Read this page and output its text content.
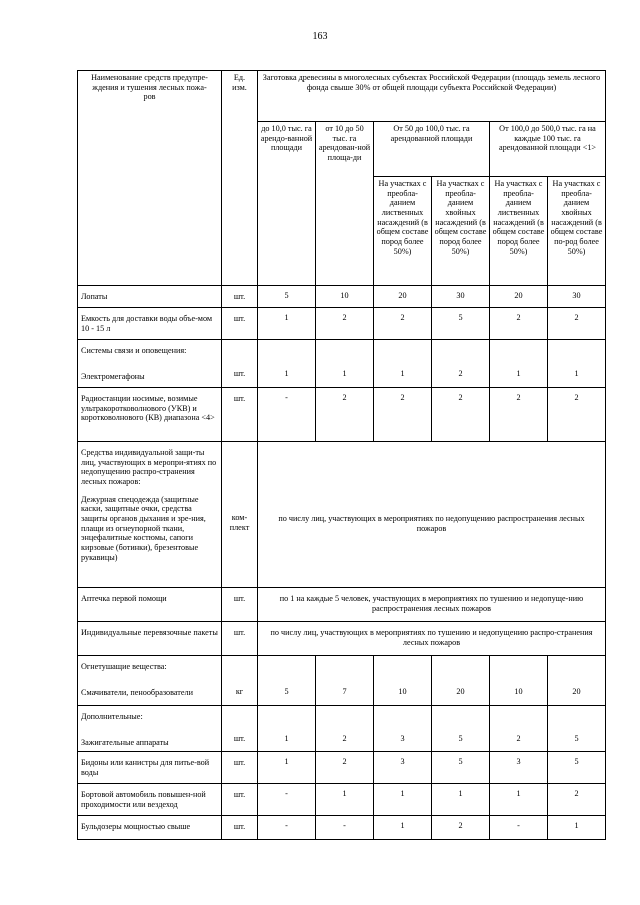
163
Наименование средств предупре-
ждения и тушения лесных пожа-
ров	Ед.
изм.	Заготовка древесины в многолесных субъектах Российской Федерации (площадь земель лесного фонда свыше 30% от общей площади субъекта Российской Федерации)					
		до 10,0 тыс. га арендо-ванной площади	от 10 до 50 тыс. га арендован-ной площа-ди	От 50 до 100,0 тыс. га арендованной площади		От 100,0 до 500,0 тыс. га на каждые 100 тыс. га арендованной площади <1>	
				На участках с преобла-данием лиственных насаждений (в общем составе пород более 50%)	На участках с преобла-данием хвойных насаждений (в общем составе пород более 50%)	На участках с преобла-данием лиственных насаждений (в общем составе пород более 50%)	На участках с преобла-данием хвойных насаждений (в общем составе по-род более 50%)
Лопаты	шт.	5	10	20	30	20	30
Емкость для доставки воды объе-мом 10 - 15 л	шт.	1	2	2	5	2	2
Системы связи и оповещения:
Электромегафоны	шт.	1	1	1	2	1	1
Радиостанции носимые, возимые ультракоротковолнового (УКВ) и коротковолнового (КВ) диапазона <4>	шт.	-	2	2	2	2	2
Средства индивидуальной защи-ты лиц, участвующих в меропри-ятиях по недопущению распро-странения лесных пожаров:
Дежурная спецодежда (защитные каски, защитные очки, средства защиты органов дыхания и зре-ния, плащи из огнеупорной ткани, энцефалитные костюмы, сапоги кирзовые (ботинки), брезентовые рукавицы)	ком-плект	по числу лиц, участвующих в мероприятиях по недопущению распространения лесных пожаров					
Аптечка первой помощи	шт.	по 1 на каждые 5 человек, участвующих в мероприятиях по тушению и недопуще-нию распространения лесных пожаров					
Индивидуальные перевязочные пакеты	шт.	по числу лиц, участвующих в мероприятиях по тушению и недопущению распро-странения лесных пожаров					
Огнетушащие вещества:
Смачиватели, пенообразователи	кг	5	7	10	20	10	20
Дополнительные:
Зажигательные аппараты	шт.	1	2	3	5	2	5
Бидоны или канистры для питье-вой воды	шт.	1	2	3	5	3	5
Бортовой автомобиль повышен-ной проходимости или вездеход	шт.	-	1	1	1	1	2
Бульдозеры мощностью свыше	шт.	-	-	1	2	-	1
